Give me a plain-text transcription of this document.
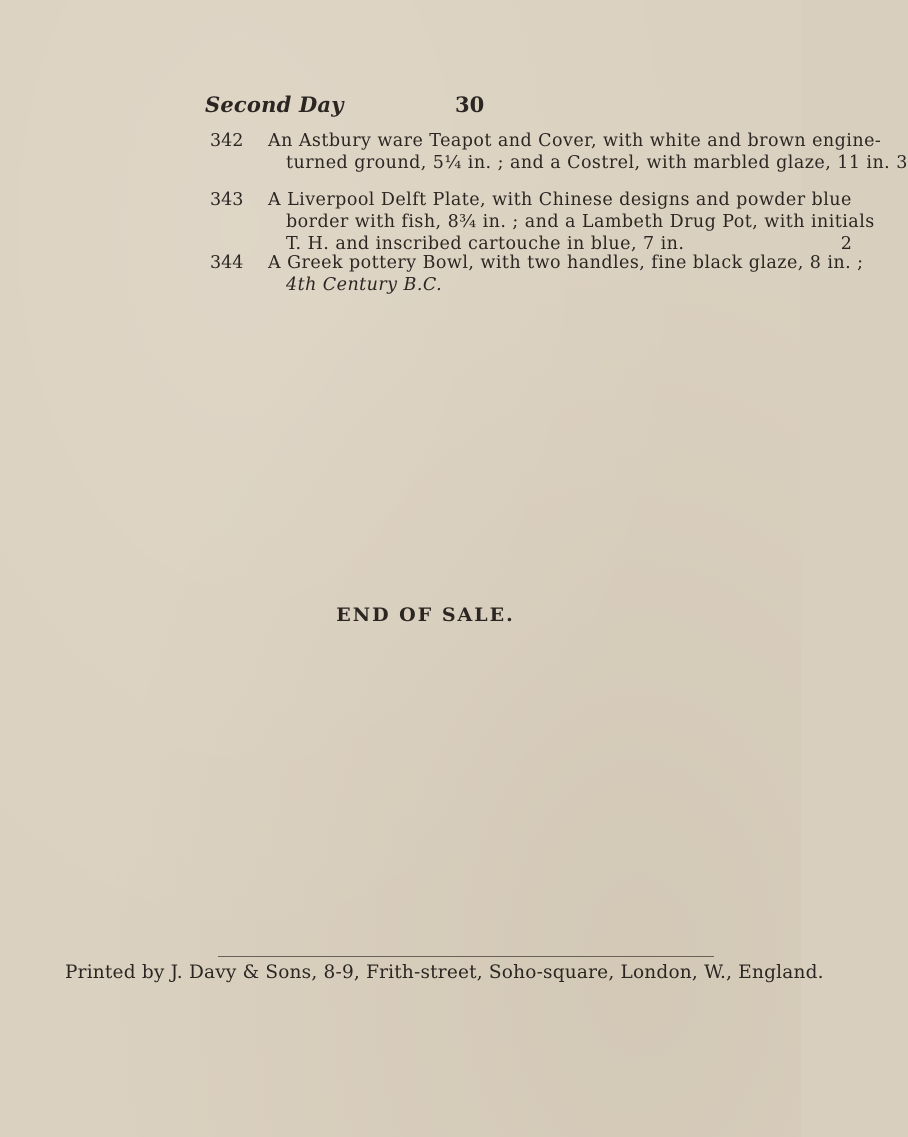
Second Day	30
342	An Astbury ware Teapot and Cover, with white and brown engine-
turned ground, 5¼ in. ; and a Costrel, with marbled glaze, 11 in. 3
343	A Liverpool Delft Plate, with Chinese designs and powder blue
border with fish, 8¾ in. ; and a Lambeth Drug Pot, with initials
T. H. and inscribed cartouche in blue, 7 in.                          2
344	A Greek pottery Bowl, with two handles, fine black glaze, 8 in. ;
4th Century B.C.
END OF SALE.
Printed by J. Davy & Sons, 8-9, Frith-street, Soho-square, London, W., England.
